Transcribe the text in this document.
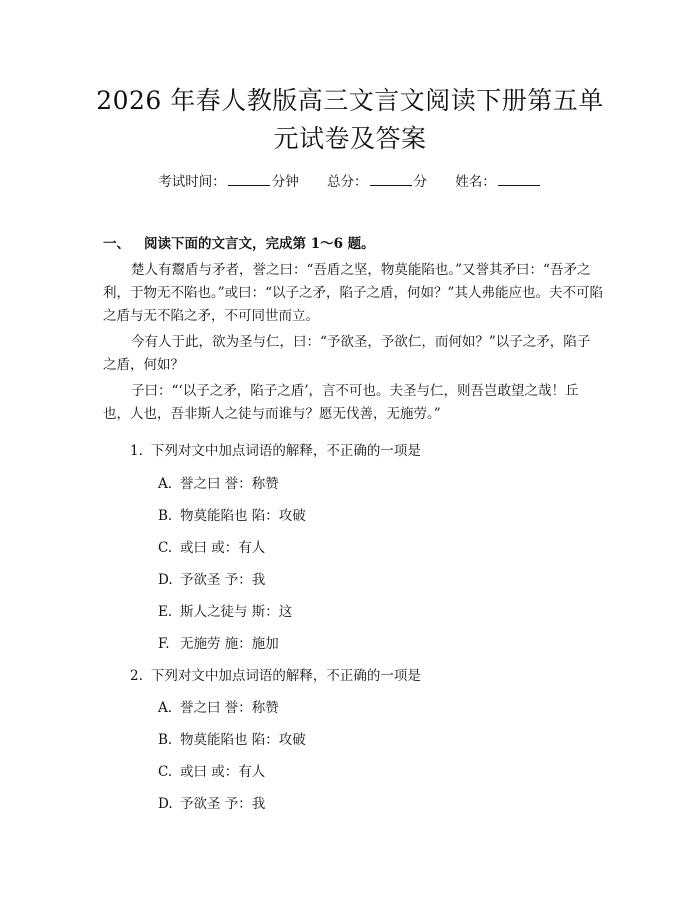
2026 年春人教版高三文言文阅读下册第五单
元试卷及答案
考试时间：	分钟 总分：	分 姓名：
一、 阅读下面的文言文，完成第 1～6 题。

楚人有鬻盾与矛者，誉之曰：“吾盾之坚，物莫能陷也。”又誉其矛曰：“吾矛之利，于物无不陷也。”或曰：“以子之矛，陷子之盾，何如？”其人弗能应也。夫不可陷之盾与无不陷之矛，不可同世而立。

今有人于此，欲为圣与仁，曰：“予欲圣，予欲仁，而何如？”以子之矛，陷子之盾，何如？

子曰：“‘以子之矛，陷子之盾’，言不可也。夫圣与仁，则吾岂敢望之哉！丘也，人也，吾非斯人之徒与而谁与？愿无伐善，无施劳。”

1. 下列对文中加点词语的解释，不正确的一项是
A. 誉之曰 誉：称赞
B. 物莫能陷也 陷：攻破
C. 或曰 或：有人
D. 予欲圣 予：我
E. 斯人之徒与 斯：这
F. 无施劳 施：施加
2. 下列对文中加点词语的解释，不正确的一项是
A. 誉之曰 誉：称赞
B. 物莫能陷也 陷：攻破
C. 或曰 或：有人
D. 予欲圣 予：我
